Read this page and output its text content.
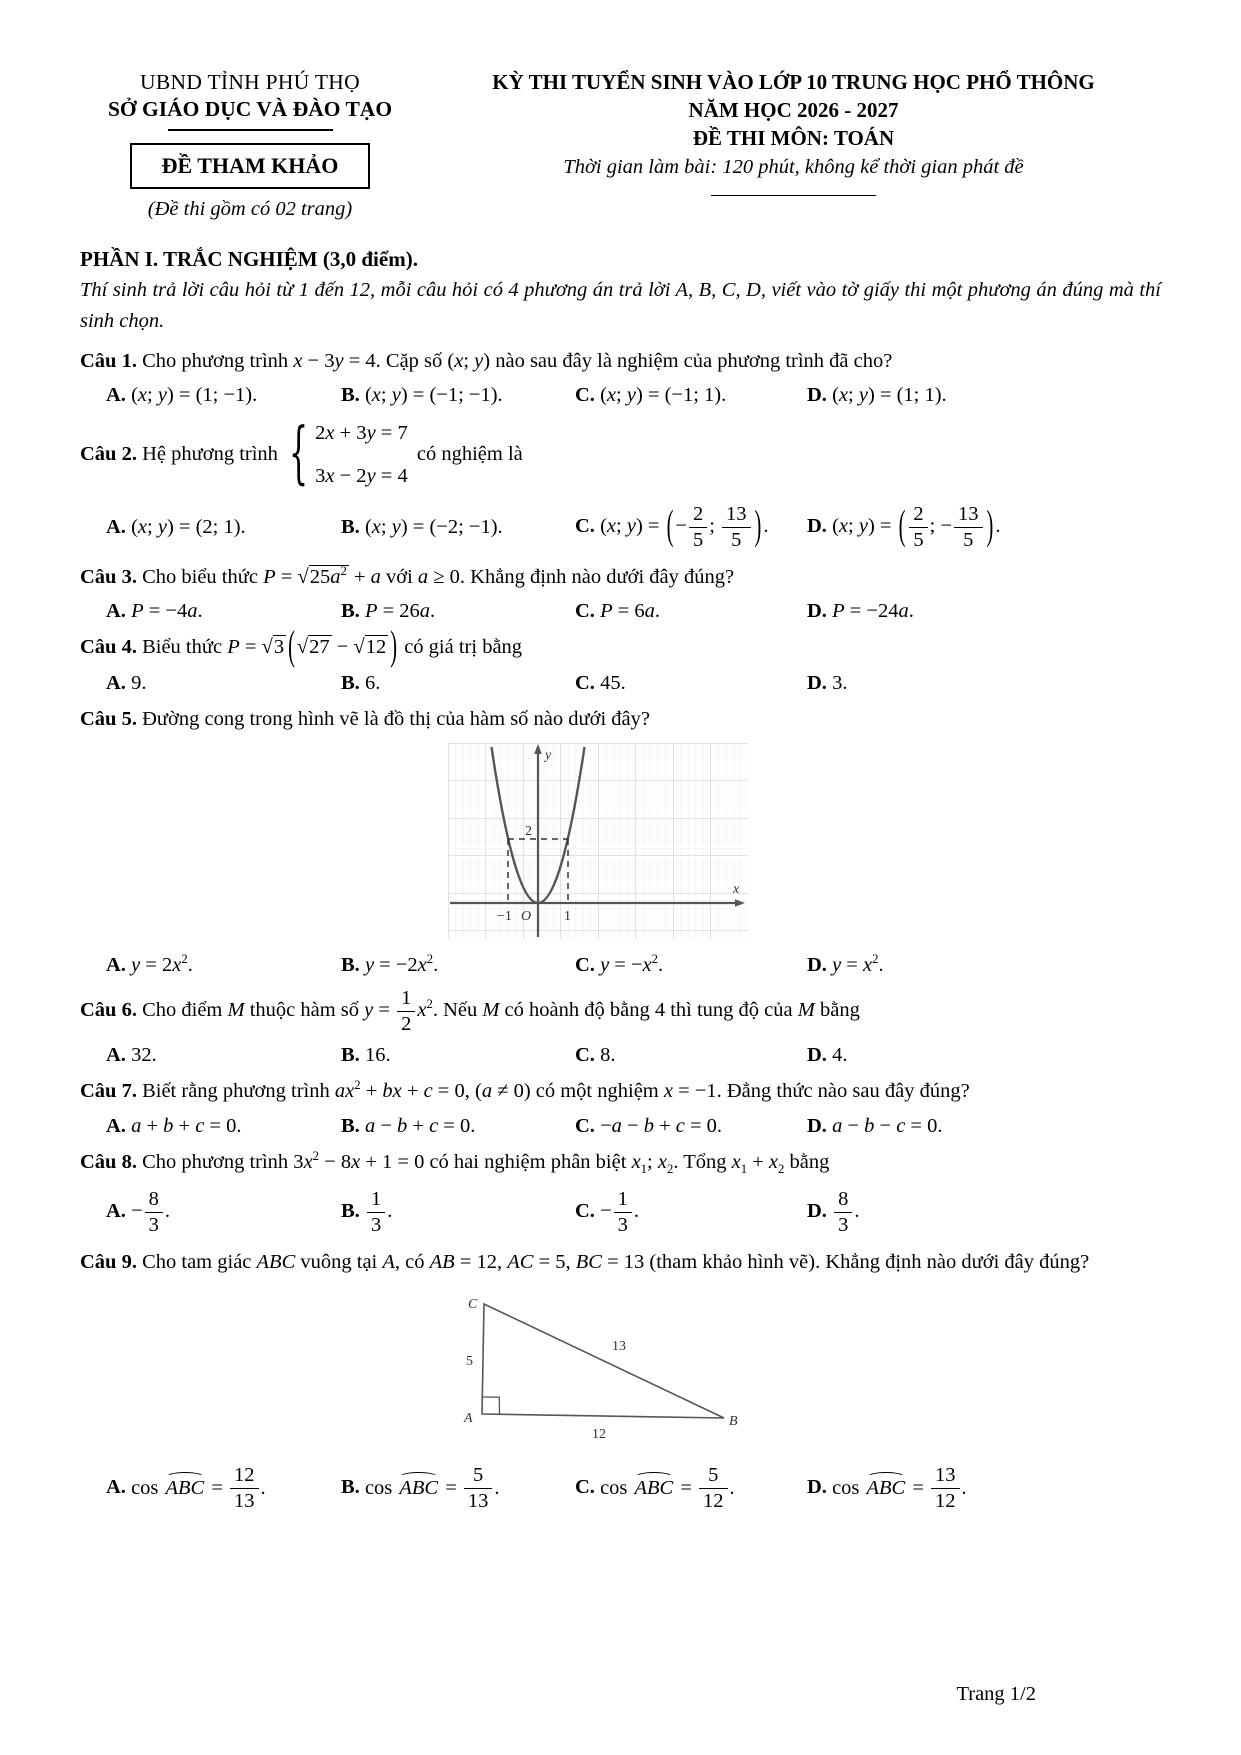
UBND TỈNH PHÚ THỌ
SỞ GIÁO DỤC VÀ ĐÀO TẠO
ĐỀ THAM KHẢO
(Đề thi gồm có 02 trang)
KỲ THI TUYỂN SINH VÀO LỚP 10 TRUNG HỌC PHỔ THÔNG
NĂM HỌC 2026 - 2027
ĐỀ THI MÔN: TOÁN
Thời gian làm bài: 120 phút, không kể thời gian phát đề
PHẦN I. TRẮC NGHIỆM (3,0 điểm).
Thí sinh trả lời câu hỏi từ 1 đến 12, mỗi câu hỏi có 4 phương án trả lời A, B, C, D, viết vào tờ giấy thi một phương án đúng mà thí sinh chọn.
Câu 1. Cho phương trình x − 3y = 4. Cặp số (x; y) nào sau đây là nghiệm của phương trình đã cho?
A. (x; y) = (1; −1).	B. (x; y) = (−1; −1).	C. (x; y) = (−1; 1).	D. (x; y) = (1; 1).
Câu 2. Hệ phương trình { 2x + 3y = 7
3x − 2y = 4
có nghiệm là
A. (x; y) = (2; 1).	B. (x; y) = (−2; −1).	C. (x; y) = (− $\frac{2}{5}$ ; $\frac{13}{5}$ ).	D. (x; y) = ( $\frac{2}{5}$ ; − $\frac{13}{5}$ ).
Câu 3. Cho biểu thức $P = √25a^2 + a$ với a ≥ 0. Khẳng định nào dưới đây đúng?
A. P = −4a.	B. P = 26a.	C. P = 6a.	D. P = −24a.
Câu 4. Biểu thức P = √3 (√27 − √12 ) có giá trị bằng
A. 9.	B. 6.	C. 45.	D. 3.
Câu 5. Đường cong trong hình vẽ là đồ thị của hàm số nào dưới đây?
y
x
O
−1	1
2
A. $y = 2x^2$.	B. $y = -2x^2$.	C. $y = -x^2$.	D. $y = x^2$.
Câu 6. Cho điểm M thuộc hàm số $y = \frac{1}{2} x^2$. Nếu M có hoành độ bằng 4 thì tung độ của M bằng
A. 32.	B. 16.	C. 8.	D. 4.
Câu 7. Biết rằng phương trình $ax^2$ + bx + c = 0, (a ≠ 0) có một nghiệm x = −1. Đẳng thức nào sau đây đúng?
A. a + b + c = 0.	B. a − b + c = 0.	C. −a − b + c = 0.	D. a − b − c = 0.
Câu 8. Cho phương trình $3x^2 - 8x + 1 = 0$ có hai nghiệm phân biệt $x_1$; $x_2$. Tổng $x_1 + x_2$ bằng
A. − $\frac{8}{3}$ .	B. $\frac{1}{3}$ .	C. − $\frac{1}{3}$ .	D. $\frac{8}{3}$ .
Câu 9. Cho tam giác ABC vuông tại A, có AB = 12, AC = 5, BC = 13 (tham khảo hình vẽ). Khẳng định nào dưới đây đúng?
C
A	B
5
13
12
A. cos ABC = $\frac{12}{13}$ .	B. cos ABC = $\frac{5}{13}$ .	C. cos ABC = $\frac{5}{12}$ .	D. cos ABC = $\frac{13}{12}$ .
Trang 1/2
